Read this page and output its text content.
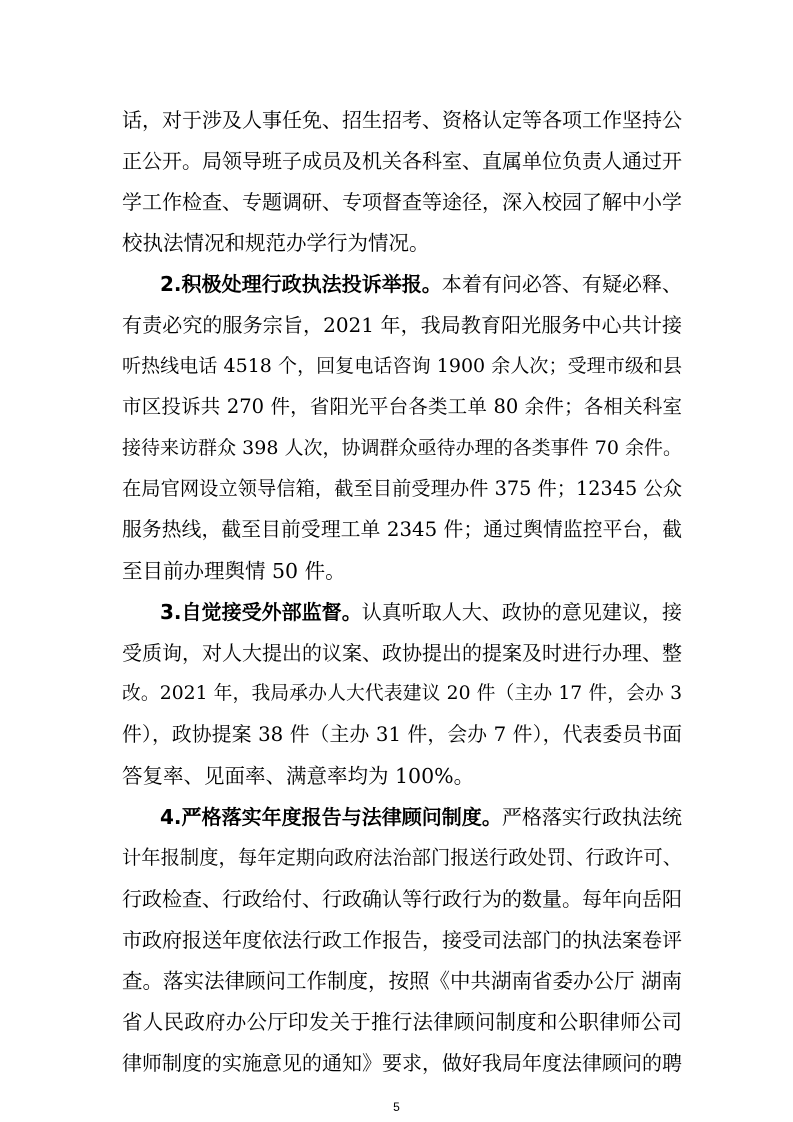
话，对于涉及人事任免、招生招考、资格认定等各项工作坚持公
正公开。局领导班子成员及机关各科室、直属单位负责人通过开
学工作检查、专题调研、专项督查等途径，深入校园了解中小学
校执法情况和规范办学行为情况。
2.积极处理行政执法投诉举报。本着有问必答、有疑必释、
有责必究的服务宗旨，2021 年，我局教育阳光服务中心共计接
听热线电话 4518 个，回复电话咨询 1900 余人次；受理市级和县
市区投诉共 270 件，省阳光平台各类工单 80 余件；各相关科室
接待来访群众 398 人次，协调群众亟待办理的各类事件 70 余件。
在局官网设立领导信箱，截至目前受理办件 375 件；12345 公众
服务热线，截至目前受理工单 2345 件；通过舆情监控平台，截
至目前办理舆情 50 件。
3.自觉接受外部监督。认真听取人大、政协的意见建议，接
受质询，对人大提出的议案、政协提出的提案及时进行办理、整
改。2021 年，我局承办人大代表建议 20 件（主办 17 件，会办 3
件），政协提案 38 件（主办 31 件，会办 7 件），代表委员书面
答复率、见面率、满意率均为 100%。
4.严格落实年度报告与法律顾问制度。严格落实行政执法统
计年报制度，每年定期向政府法治部门报送行政处罚、行政许可、
行政检查、行政给付、行政确认等行政行为的数量。每年向岳阳
市政府报送年度依法行政工作报告，接受司法部门的执法案卷评
查。落实法律顾问工作制度，按照《中共湖南省委办公厅 湖南
省人民政府办公厅印发关于推行法律顾问制度和公职律师公司
律师制度的实施意见的通知》要求，做好我局年度法律顾问的聘
5
